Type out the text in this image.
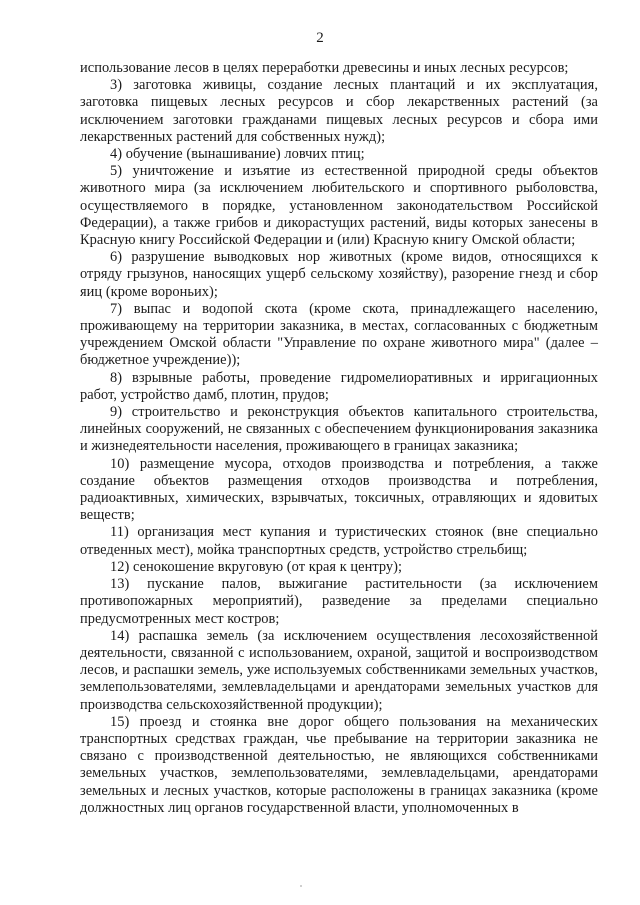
2

использование лесов в целях переработки древесины и иных лесных ресурсов;

3) заготовка живицы, создание лесных плантаций и их эксплуатация, заготовка пищевых лесных ресурсов и сбор лекарственных растений (за исключением заготовки гражданами пищевых лесных ресурсов и сбора ими лекарственных растений для собственных нужд);

4) обучение (вынашивание) ловчих птиц;

5) уничтожение и изъятие из естественной природной среды объектов животного мира (за исключением любительского и спортивного рыболовства, осуществляемого в порядке, установленном законодательством Российской Федерации), а также грибов и дикорастущих растений, виды которых занесены в Красную книгу Российской Федерации и (или) Красную книгу Омской области;

6) разрушение выводковых нор животных (кроме видов, относящихся к отряду грызунов, наносящих ущерб сельскому хозяйству), разорение гнезд и сбор яиц (кроме вороньих);

7) выпас и водопой скота (кроме скота, принадлежащего населению, проживающему на территории заказника, в местах, согласованных с бюджетным учреждением Омской области "Управление по охране животного мира" (далее – бюджетное учреждение));

8) взрывные работы, проведение гидромелиоративных и ирригационных работ, устройство дамб, плотин, прудов;

9) строительство и реконструкция объектов капитального строительства, линейных сооружений, не связанных с обеспечением функционирования заказника и жизнедеятельности населения, проживающего в границах заказника;

10) размещение мусора, отходов производства и потребления, а также создание объектов размещения отходов производства и потребления, радиоактивных, химических, взрывчатых, токсичных, отравляющих и ядовитых веществ;

11) организация мест купания и туристических стоянок (вне специально отведенных мест), мойка транспортных средств, устройство стрельбищ;

12) сенокошение вкруговую (от края к центру);

13) пускание палов, выжигание растительности (за исключением противопожарных мероприятий), разведение за пределами специально предусмотренных мест костров;

14) распашка земель (за исключением осуществления лесохозяйственной деятельности, связанной с использованием, охраной, защитой и воспроизводством лесов, и распашки земель, уже используемых собственниками земельных участков, землепользователями, землевладельцами и арендаторами земельных участков для производства сельскохозяйственной продукции);

15) проезд и стоянка вне дорог общего пользования на механических транспортных средствах граждан, чье пребывание на территории заказника не связано с производственной деятельностью, не являющихся собственниками земельных участков, землепользователями, землевладельцами, арендаторами земельных и лесных участков, которые расположены в границах заказника (кроме должностных лиц органов государственной власти, уполномоченных в
